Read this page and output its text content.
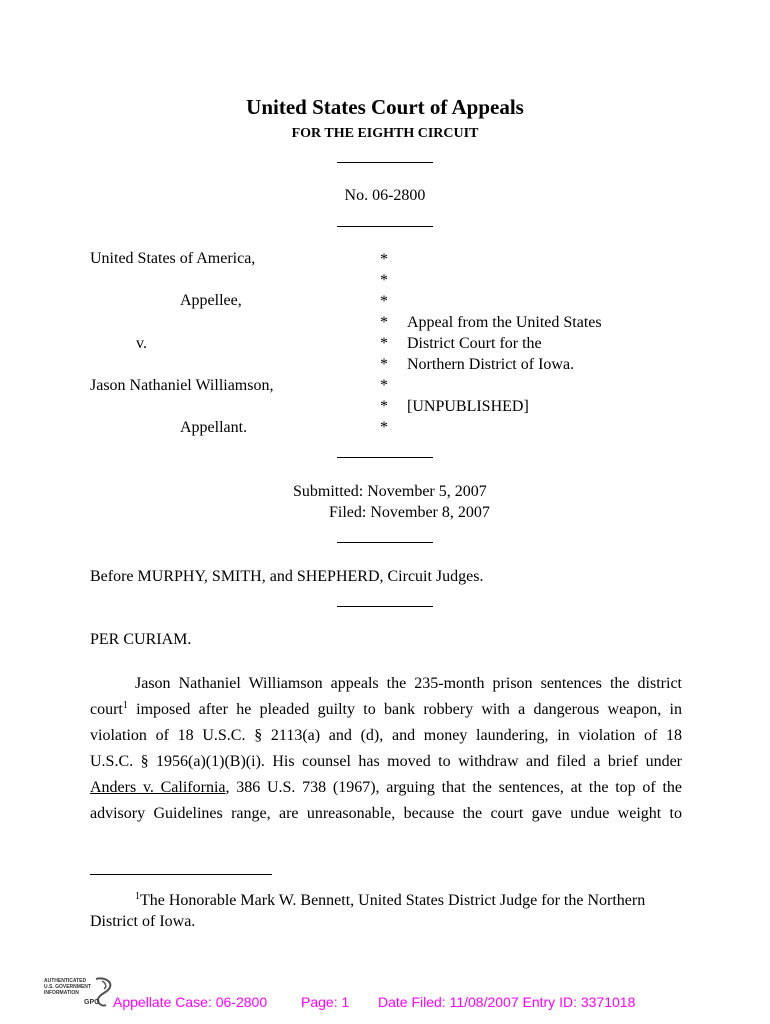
United States Court of Appeals
FOR THE EIGHTH CIRCUIT
No. 06-2800
United States of America,
Appellee,
v.
Jason Nathaniel Williamson,
Appellant.
*
*
*
*
*
*
*
*
*
Appeal from the United States
District Court for the
Northern District of Iowa.
[UNPUBLISHED]
Submitted: November 5, 2007
Filed: November 8, 2007
Before MURPHY, SMITH, and SHEPHERD, Circuit Judges.
PER CURIAM.
Jason Nathaniel Williamson appeals the 235-month prison sentences the district
court$^1$ imposed after he pleaded guilty to bank robbery with a dangerous weapon, in
violation of 18 U.S.C. § 2113(a) and (d), and money laundering, in violation of 18
U.S.C. § 1956(a)(1)(B)(i). His counsel has moved to withdraw and filed a brief under
Anders v. California, 386 U.S. 738 (1967), arguing that the sentences, at the top of the
advisory Guidelines range, are unreasonable, because the court gave undue weight to
$^1$The Honorable Mark W. Bennett, United States District Judge for the Northern
District of Iowa.
AUTHENTICATED
U.S. GOVERNMENT
INFORMATION
GPO Appellate Case: 06-2800 Page: 1 Date Filed: 11/08/2007 Entry ID: 3371018
